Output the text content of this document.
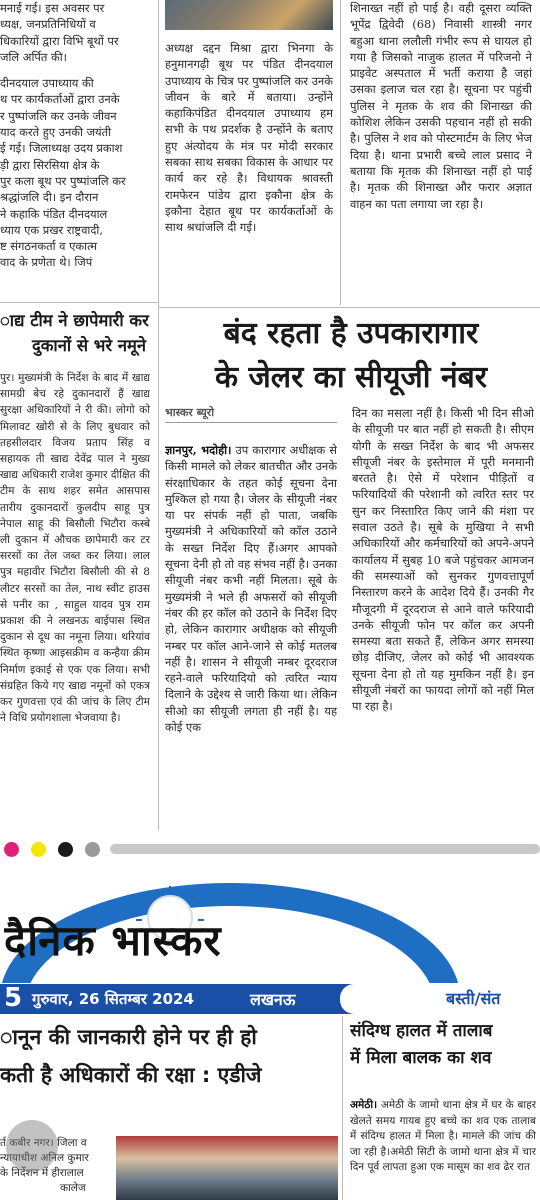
मनाई गई। इस अवसर पर
ध्यक्ष, जनप्रतिनिधियों व
धिकारियों द्वारा विभि बूथों पर
जलि अर्पित की।
दीनदयाल उपाध्याय की
थ पर कार्यकर्ताओं द्वारा उनके
र पुष्पांजलि कर उनके जीवन
याद करते हुए उनकी जयंती
ई गई। जिलाध्यक्ष उदय प्रकाश
ड़ी द्वारा सिरसिया क्षेत्र के
पुर कला बूथ पर पुष्पांजलि कर
श्रद्धांजलि दी। इन दौरान
ने कहाकि पंडित दीनदयाल
ध्याय एक प्रखर राष्ट्रवादी,
ष्ट संगठनकर्ता व एकात्म
वाद के प्रणेता थे। जिपं

अध्यक्ष दद्दन मिश्रा द्वारा भिनगा के हनुमानगढ़ी बूथ पर पंडित दीनदयाल उपाध्याय के चित्र पर पुष्पांजलि कर उनके जीवन के बारे में बताया। उन्होंने कहाकिपंडित दीनदयाल उपाध्याय हम सभी के पथ प्रदर्शक है उन्होंने के बताए हुए अंत्योदय के मंत्र पर मोदी सरकार सबका साथ सबका विकास के आधार पर कार्य कर रहे है। विधायक श्रावस्ती रामफेरन पांडेय द्वारा इकौना क्षेत्र के इकौना देहात बूथ पर कार्यकर्ताओं के साथ श्रधांजलि दी गई।

शिनाख्त नहीं हो पाई है। वही दूसरा व्यक्ति भूपेंद्र द्विवेदी (68) निवासी शास्त्री नगर बहुआ थाना ललौली गंभीर रूप से घायल हो गया है जिसको नाजुक हालत में परिजनो ने प्राइवेट अस्पताल में भर्ती कराया है जहां उसका इलाज चल रहा है। सूचना पर पहुंची पुलिस ने मृतक के शव की शिनाख्त की कोशिश लेकिन उसकी पहचान नहीं हो सकी है। पुलिस ने शव को पोस्टमार्टम के लिए भेज दिया है। थाना प्रभारी बच्चे लाल प्रसाद ने बताया कि मृतक की शिनाख्त नहीं हो पाई है। मृतक की शिनाख्त और फरार अज्ञात वाहन का पता लगाया जा रहा है।

ाद्य टीम ने छापेमारी कर
दुकानों से भरे नमूने

पुर। मुख्यमंत्री के निर्देश के बाद में खाद्य सामग्री बेच रहे दुकानदारों हैं खाद्य सुरक्षा अधिकारियों ने री की। लोगो को मिलावट खोरी से के लिए बुधवार को तहसीलदार विजय प्रताप सिंह व सहायक ती खाद्य देवेंद्र पाल ने मुख्य खाद्य अधिकारी राजेश कुमार दीक्षित की टीम के साथ शहर समेत आसपास तारीय दुकानदारों कुलदीप साहू पुत्र नेपाल साहू की बिसौली भिटौरा कस्बे ली दुकान में औचक छापेमारी कर टर सरसों का तेल जब्त कर लिया। लाल पुत्र महावीर भिटौरा बिसौली की से 8 लीटर सरसों का तेल, नाथ स्वीट हाउस से पनीर का , साहुल यादव पुत्र राम प्रकाश की ने लखनऊ बाईपास स्थित दुकान से दूध का नमूना लिया। थरियांव स्थित कृष्णा आइसक्रीम व कन्हैया क्रीम निर्माण इकाई से एक एक लिया। सभी संग्रहित किये गए खाद्य नमूनों को एकत्र कर गुणवत्ता एवं की जांच के लिए टीम ने विधि प्रयोगशाला भेजवाया है।

बंद रहता है उपकारागार
के जेलर का सीयूजी नंबर
भास्कर ब्यूरो

ज्ञानपुर, भदोही। उप कारागार अधीक्षक से किसी मामले को लेकर बातचीत और उनके संरक्षाधिकार के तहत कोई सूचना देना मुश्किल हो गया है। जेलर के सीयूजी नंबर या पर संपर्क नहीं हो पाता, जबकि मुख्यमंत्री ने अधिकारियों को कॉल उठाने के सख्त निर्देश दिए हैं।अगर आपको सूचना देनी हो तो वह संभव नहीं है। उनका सीयूजी नंबर कभी नहीं मिलता। सूबे के मुख्यमंत्री ने भले ही अफसरों को सीयूजी नंबर की हर कॉल को उठाने के निर्देश दिए हो, लेकिन कारागार अधीक्षक को सीयूजी नम्बर पर कॉल आने-जाने से कोई मतलब नहीं है। शासन ने सीयूजी नम्बर दूरदराज रहने-वाले फरियादियो को त्वरित न्याय दिलाने के उद्देश्य से जारी किया था। लेकिन सीओ का सीयूजी लगता ही नहीं है। यह कोई एक

दिन का मसला नहीं है। किसी भी दिन सीओ के सीयूजी पर बात नहीं हो सकती है। सीएम योगी के सख्त निर्देश के बाद भी अफसर सीयूजी नंबर के इस्तेमाल में पूरी मनमानी बरतते है। ऐसे में परेशान पीड़ितों व फरियादियों की परेशानी को त्वरित स्तर पर सुन कर निस्तारित किए जाने की मंशा पर सवाल उठते है। सूबे के मुखिया ने सभी अधिकारियों और कर्मचारियों को अपने-अपने कार्यालय में सुबह 10 बजे पहुंचकर आमजन की समस्याओं को सुनकर गुणवत्तापूर्ण निस्तारण करने के आदेश दिये हैं। उनकी गैर मौजूदगी में दूरदराज से आने वाले फरियादी उनके सीयूजी फोन पर कॉल कर अपनी समस्या बता सकते हैं, लेकिन अगर समस्या छोड़ दीजिए, जेलर को कोई भी आवश्यक सूचना देना हो तो यह मुमकिन नहीं है। इन सीयूजी नंबरों का फायदा लोगों को नहीं मिल पा रहा है।

दैनिक भास्कर
5 गुरुवार, 26 सितम्बर 2024	लखनऊ	बस्ती/संत
ानून की जानकारी होने पर ही हो
कती है अधिकारों की रक्षा : एडीजे
र्त कबीर नगर। जिला व
न्यायाधीश अनिल कुमार
के निर्देशन में हीरालाल
कालेज
संदिग्ध हालत में तालाब
में मिला बालक का शव

अमेठी। अमेठी के जामो थाना क्षेत्र में घर के बाहर खेलते समय गायब हुए बच्चे का शव एक तालाब में संदिग्ध हालत में मिला है। मामले की जांच की जा रही है।अमेठी सिटी के जामो थाना क्षेत्र में चार दिन पूर्व लापता हुआ एक मासूम का शव ढेर रात
